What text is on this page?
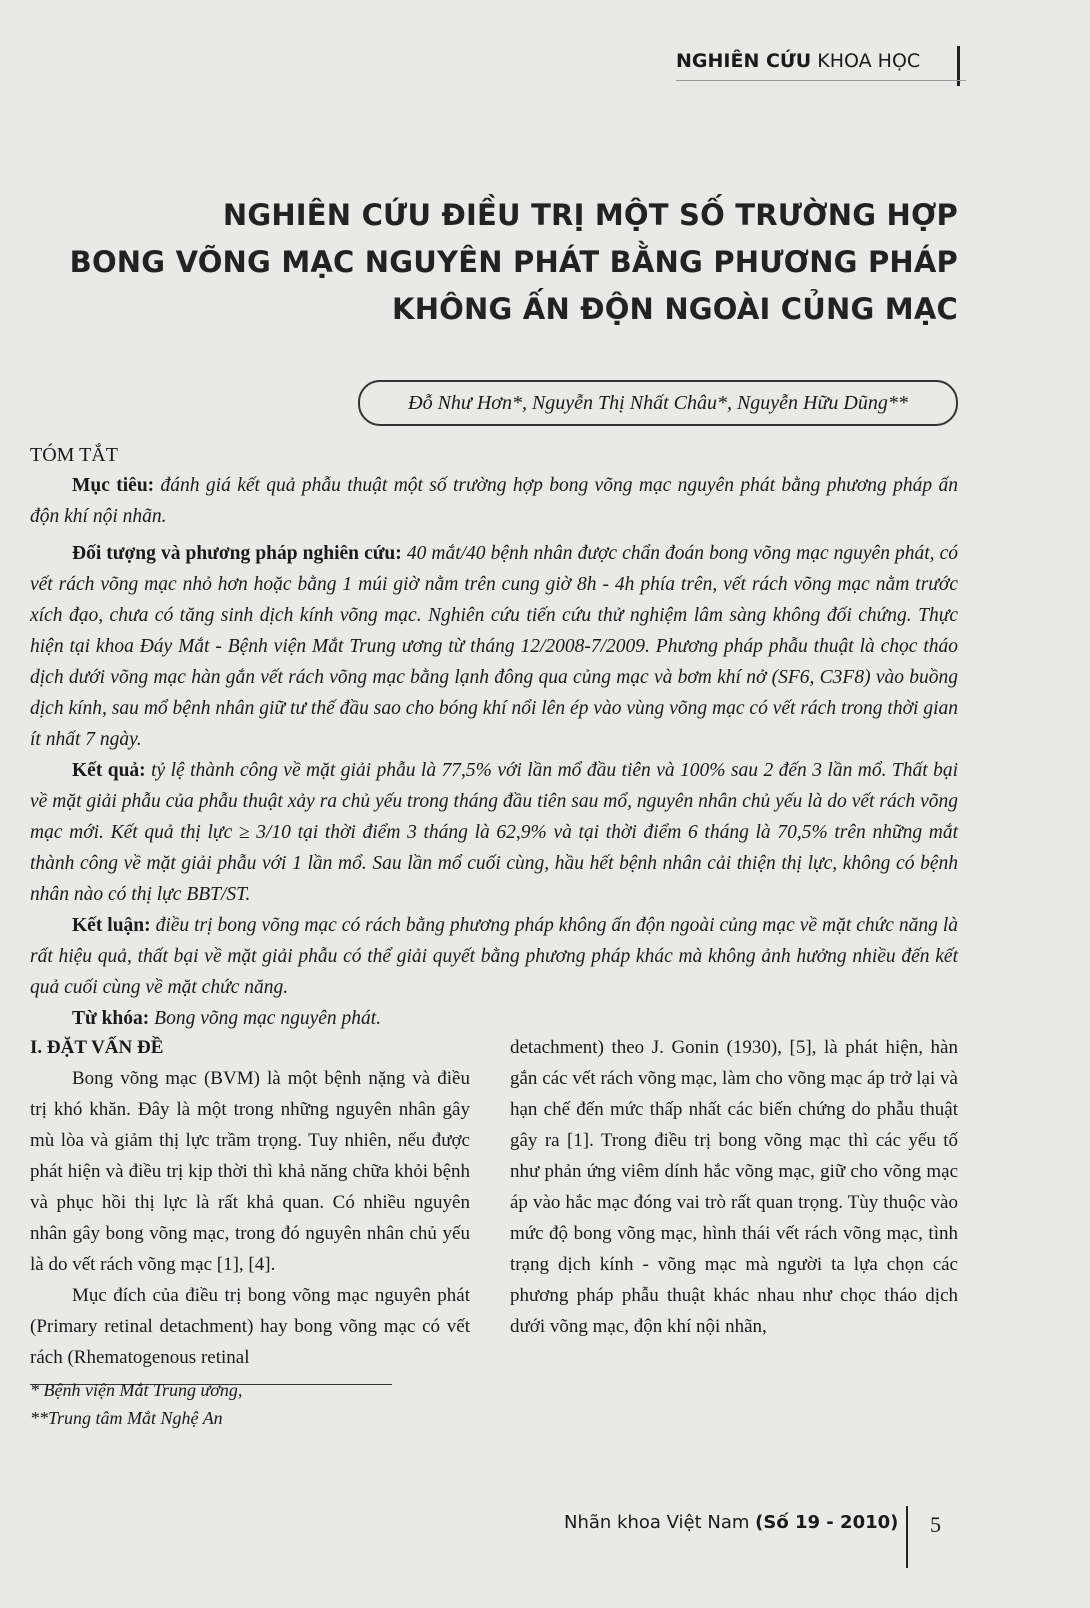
NGHIÊN CỨU KHOA HỌC
NGHIÊN CỨU ĐIỀU TRỊ MỘT SỐ TRƯỜNG HỢP
BONG VÕNG MẠC NGUYÊN PHÁT BẰNG PHƯƠNG PHÁP
KHÔNG ẤN ĐỘN NGOÀI CỦNG MẠC
Đỗ Như Hơn*, Nguyễn Thị Nhất Châu*, Nguyễn Hữu Dũng**
TÓM TẮT

Mục tiêu: đánh giá kết quả phẫu thuật một số trường hợp bong võng mạc nguyên phát bằng phương pháp ấn độn khí nội nhãn.

Đối tượng và phương pháp nghiên cứu: 40 mắt/40 bệnh nhân được chẩn đoán bong võng mạc nguyên phát, có vết rách võng mạc nhỏ hơn hoặc bằng 1 múi giờ nằm trên cung giờ 8h - 4h phía trên, vết rách võng mạc nằm trước xích đạo, chưa có tăng sinh dịch kính võng mạc. Nghiên cứu tiến cứu thử nghiệm lâm sàng không đối chứng. Thực hiện tại khoa Đáy Mắt - Bệnh viện Mắt Trung ương từ tháng 12/2008-7/2009. Phương pháp phẫu thuật là chọc tháo dịch dưới võng mạc hàn gắn vết rách võng mạc bằng lạnh đông qua củng mạc và bơm khí nở (SF6, C3F8) vào buồng dịch kính, sau mổ bệnh nhân giữ tư thế đầu sao cho bóng khí nổi lên ép vào vùng võng mạc có vết rách trong thời gian ít nhất 7 ngày.

Kết quả: tỷ lệ thành công về mặt giải phẫu là 77,5% với lần mổ đầu tiên và 100% sau 2 đến 3 lần mổ. Thất bại về mặt giải phẫu của phẫu thuật xảy ra chủ yếu trong tháng đầu tiên sau mổ, nguyên nhân chủ yếu là do vết rách võng mạc mới. Kết quả thị lực ≥ 3/10 tại thời điểm 3 tháng là 62,9% và tại thời điểm 6 tháng là 70,5% trên những mắt thành công về mặt giải phẫu với 1 lần mổ. Sau lần mổ cuối cùng, hầu hết bệnh nhân cải thiện thị lực, không có bệnh nhân nào có thị lực BBT/ST.

Kết luận: điều trị bong võng mạc có rách bằng phương pháp không ấn độn ngoài củng mạc về mặt chức năng là rất hiệu quả, thất bại về mặt giải phẫu có thể giải quyết bằng phương pháp khác mà không ảnh hưởng nhiều đến kết quả cuối cùng về mặt chức năng.

Từ khóa: Bong võng mạc nguyên phát.

I. ĐẶT VẤN ĐỀ

Bong võng mạc (BVM) là một bệnh nặng và điều trị khó khăn. Đây là một trong những nguyên nhân gây mù lòa và giảm thị lực trầm trọng. Tuy nhiên, nếu được phát hiện và điều trị kịp thời thì khả năng chữa khỏi bệnh và phục hồi thị lực là rất khả quan. Có nhiều nguyên nhân gây bong võng mạc, trong đó nguyên nhân chủ yếu là do vết rách võng mạc [1], [4].

Mục đích của điều trị bong võng mạc nguyên phát (Primary retinal detachment) hay bong võng mạc có vết rách (Rhematogenous retinal

detachment) theo J. Gonin (1930), [5], là phát hiện, hàn gắn các vết rách võng mạc, làm cho võng mạc áp trở lại và hạn chế đến mức thấp nhất các biến chứng do phẫu thuật gây ra [1]. Trong điều trị bong võng mạc thì các yếu tố như phản ứng viêm dính hắc võng mạc, giữ cho võng mạc áp vào hắc mạc đóng vai trò rất quan trọng. Tùy thuộc vào mức độ bong võng mạc, hình thái vết rách võng mạc, tình trạng dịch kính - võng mạc mà người ta lựa chọn các phương pháp phẫu thuật khác nhau như chọc tháo dịch dưới võng mạc, độn khí nội nhãn,

* Bệnh viện Mắt Trung ương,
**Trung tâm Mắt Nghệ An
Nhãn khoa Việt Nam (Số 19 - 2010) 5
